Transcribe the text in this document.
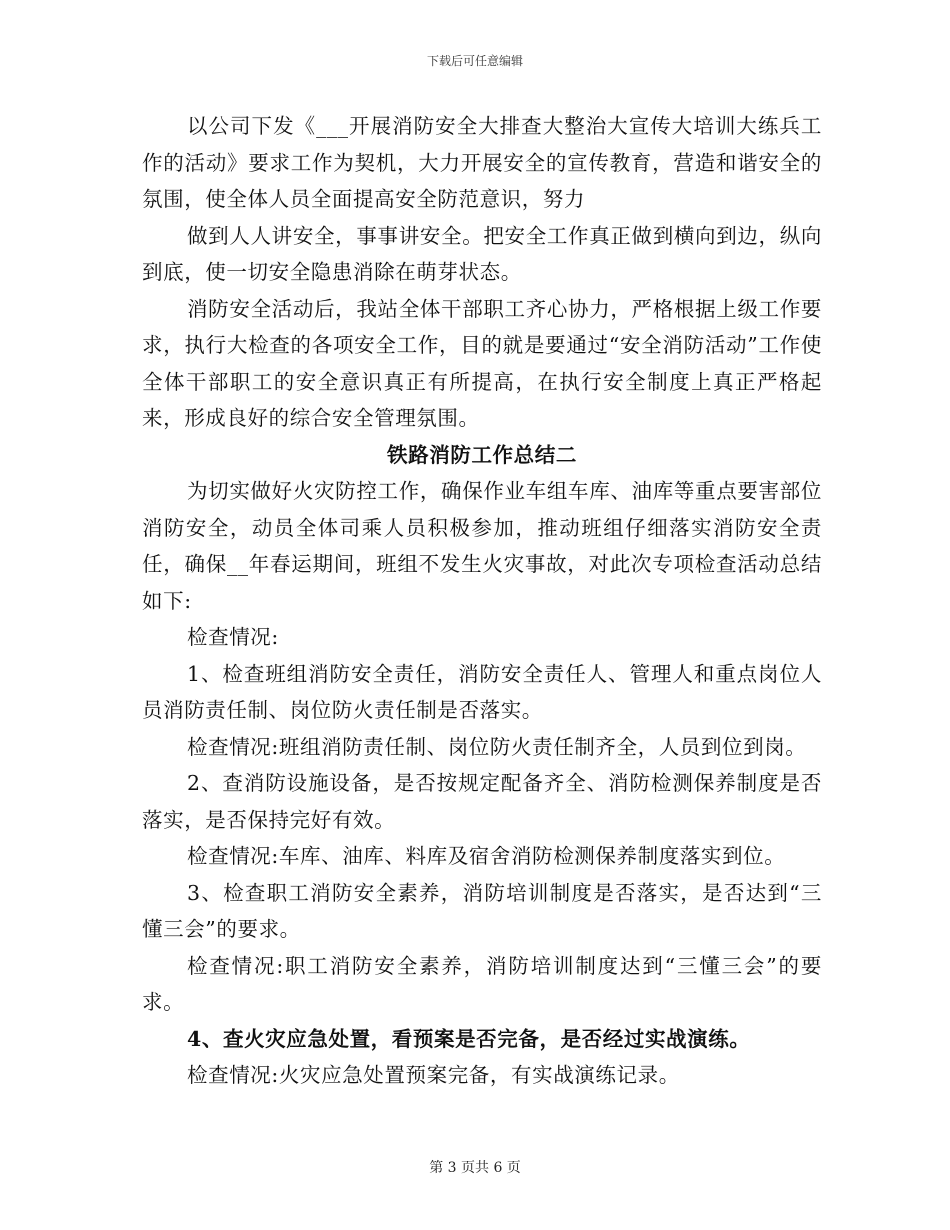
下载后可任意编辑

以公司下发《___开展消防安全大排查大整治大宣传大培训大练兵工作的活动》要求工作为契机，大力开展安全的宣传教育，营造和谐安全的氛围，使全体人员全面提高安全防范意识，努力

做到人人讲安全，事事讲安全。把安全工作真正做到横向到边，纵向到底，使一切安全隐患消除在萌芽状态。

消防安全活动后，我站全体干部职工齐心协力，严格根据上级工作要求，执行大检查的各项安全工作，目的就是要通过“安全消防活动”工作使全体干部职工的安全意识真正有所提高，在执行安全制度上真正严格起来，形成良好的综合安全管理氛围。

铁路消防工作总结二

为切实做好火灾防控工作，确保作业车组车库、油库等重点要害部位消防安全，动员全体司乘人员积极参加，推动班组仔细落实消防安全责任，确保__年春运期间，班组不发生火灾事故，对此次专项检查活动总结如下:

检查情况:

1、检查班组消防安全责任，消防安全责任人、管理人和重点岗位人员消防责任制、岗位防火责任制是否落实。

检查情况:班组消防责任制、岗位防火责任制齐全，人员到位到岗。

2、查消防设施设备，是否按规定配备齐全、消防检测保养制度是否落实，是否保持完好有效。

检查情况:车库、油库、料库及宿舍消防检测保养制度落实到位。

3、检查职工消防安全素养，消防培训制度是否落实，是否达到“三懂三会”的要求。

检查情况:职工消防安全素养，消防培训制度达到“三懂三会”的要求。

4、查火灾应急处置，看预案是否完备，是否经过实战演练。

检查情况:火灾应急处置预案完备，有实战演练记录。

第 3 页共 6 页
